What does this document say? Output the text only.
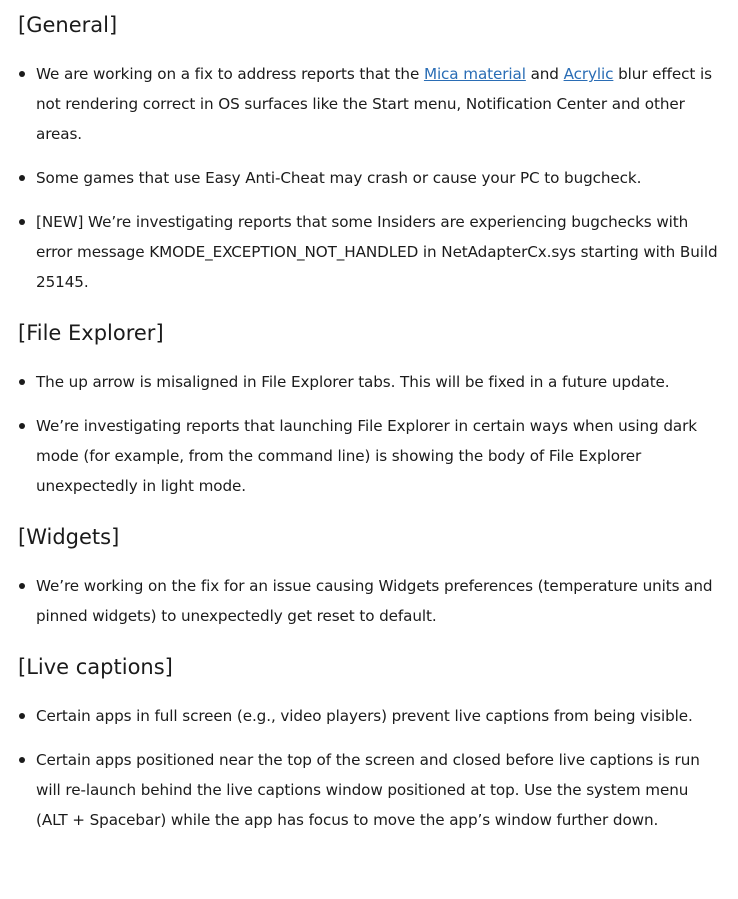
[General]
We are working on a fix to address reports that the Mica material and Acrylic blur effect is not rendering correct in OS surfaces like the Start menu, Notification Center and other areas.
Some games that use Easy Anti-Cheat may crash or cause your PC to bugcheck.
[NEW] We’re investigating reports that some Insiders are experiencing bugchecks with error message KMODE_EXCEPTION_NOT_HANDLED in NetAdapterCx.sys starting with Build 25145.
[File Explorer]
The up arrow is misaligned in File Explorer tabs. This will be fixed in a future update.
We’re investigating reports that launching File Explorer in certain ways when using dark mode (for example, from the command line) is showing the body of File Explorer unexpectedly in light mode.
[Widgets]
We’re working on the fix for an issue causing Widgets preferences (temperature units and pinned widgets) to unexpectedly get reset to default.
[Live captions]
Certain apps in full screen (e.g., video players) prevent live captions from being visible.
Certain apps positioned near the top of the screen and closed before live captions is run will re-launch behind the live captions window positioned at top. Use the system menu (ALT + Spacebar) while the app has focus to move the app’s window further down.
